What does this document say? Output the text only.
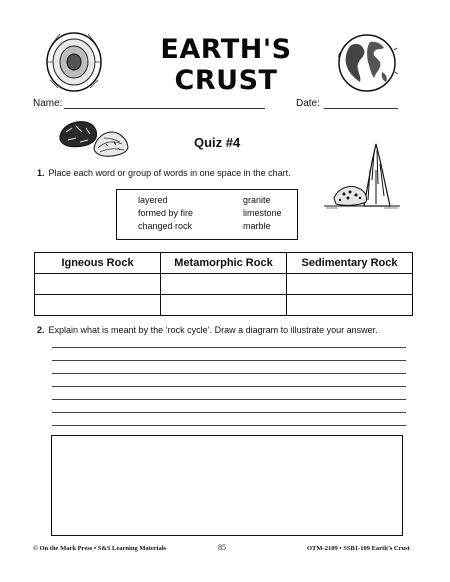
EARTH'S CRUST
Name:	Date:
Quiz #4
1. Place each word or group of words in one space in the chart.
layered
formed by fire
changed rock
granite
limestone
marble
Igneous Rock	Metamorphic Rock	Sedimentary Rock

2. Explain what is meant by the ‘rock cycle’. Draw a diagram to illustrate your answer.
© On the Mark Press • S&S Learning Materials	85	OTM-2109 • SSB1-109 Earth’s Crust
